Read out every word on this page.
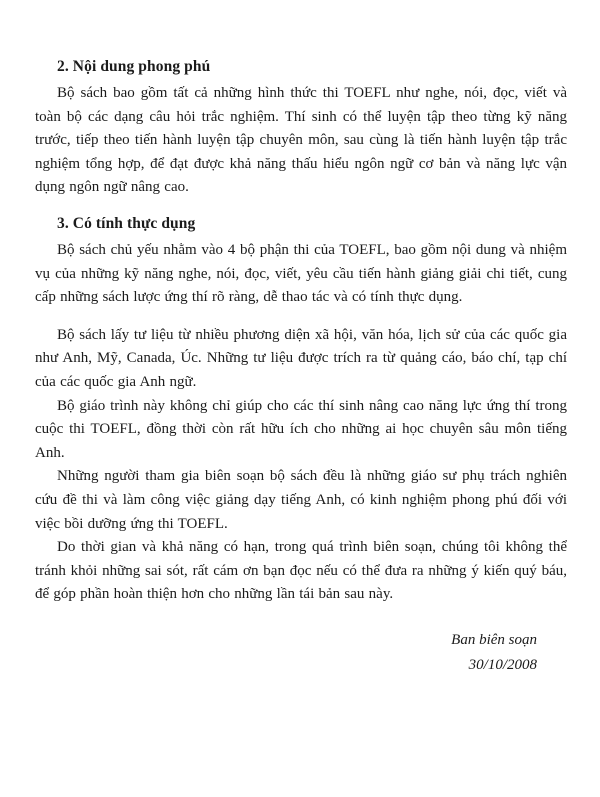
2. Nội dung phong phú

Bộ sách bao gồm tất cả những hình thức thi TOEFL như nghe, nói, đọc, viết và toàn bộ các dạng câu hỏi trắc nghiệm. Thí sinh có thể luyện tập theo từng kỹ năng trước, tiếp theo tiến hành luyện tập chuyên môn, sau cùng là tiến hành luyện tập trắc nghiệm tổng hợp, để đạt được khả năng thấu hiểu ngôn ngữ cơ bản và năng lực vận dụng ngôn ngữ nâng cao.

3. Có tính thực dụng

Bộ sách chủ yếu nhằm vào 4 bộ phận thi của TOEFL, bao gồm nội dung và nhiệm vụ của những kỹ năng nghe, nói, đọc, viết, yêu cầu tiến hành giảng giải chi tiết, cung cấp những sách lược ứng thí rõ ràng, dễ thao tác và có tính thực dụng.

Bộ sách lấy tư liệu từ nhiều phương diện xã hội, văn hóa, lịch sử của các quốc gia như Anh, Mỹ, Canada, Úc. Những tư liệu được trích ra từ quảng cáo, báo chí, tạp chí của các quốc gia Anh ngữ.

Bộ giáo trình này không chỉ giúp cho các thí sinh nâng cao năng lực ứng thí trong cuộc thi TOEFL, đồng thời còn rất hữu ích cho những ai học chuyên sâu môn tiếng Anh.

Những người tham gia biên soạn bộ sách đều là những giáo sư phụ trách nghiên cứu đề thi và làm công việc giảng dạy tiếng Anh, có kinh nghiệm phong phú đối với việc bồi dưỡng ứng thi TOEFL.

Do thời gian và khả năng có hạn, trong quá trình biên soạn, chúng tôi không thể tránh khỏi những sai sót, rất cám ơn bạn đọc nếu có thể đưa ra những ý kiến quý báu, để góp phần hoàn thiện hơn cho những lần tái bản sau này.

Ban biên soạn
30/10/2008
